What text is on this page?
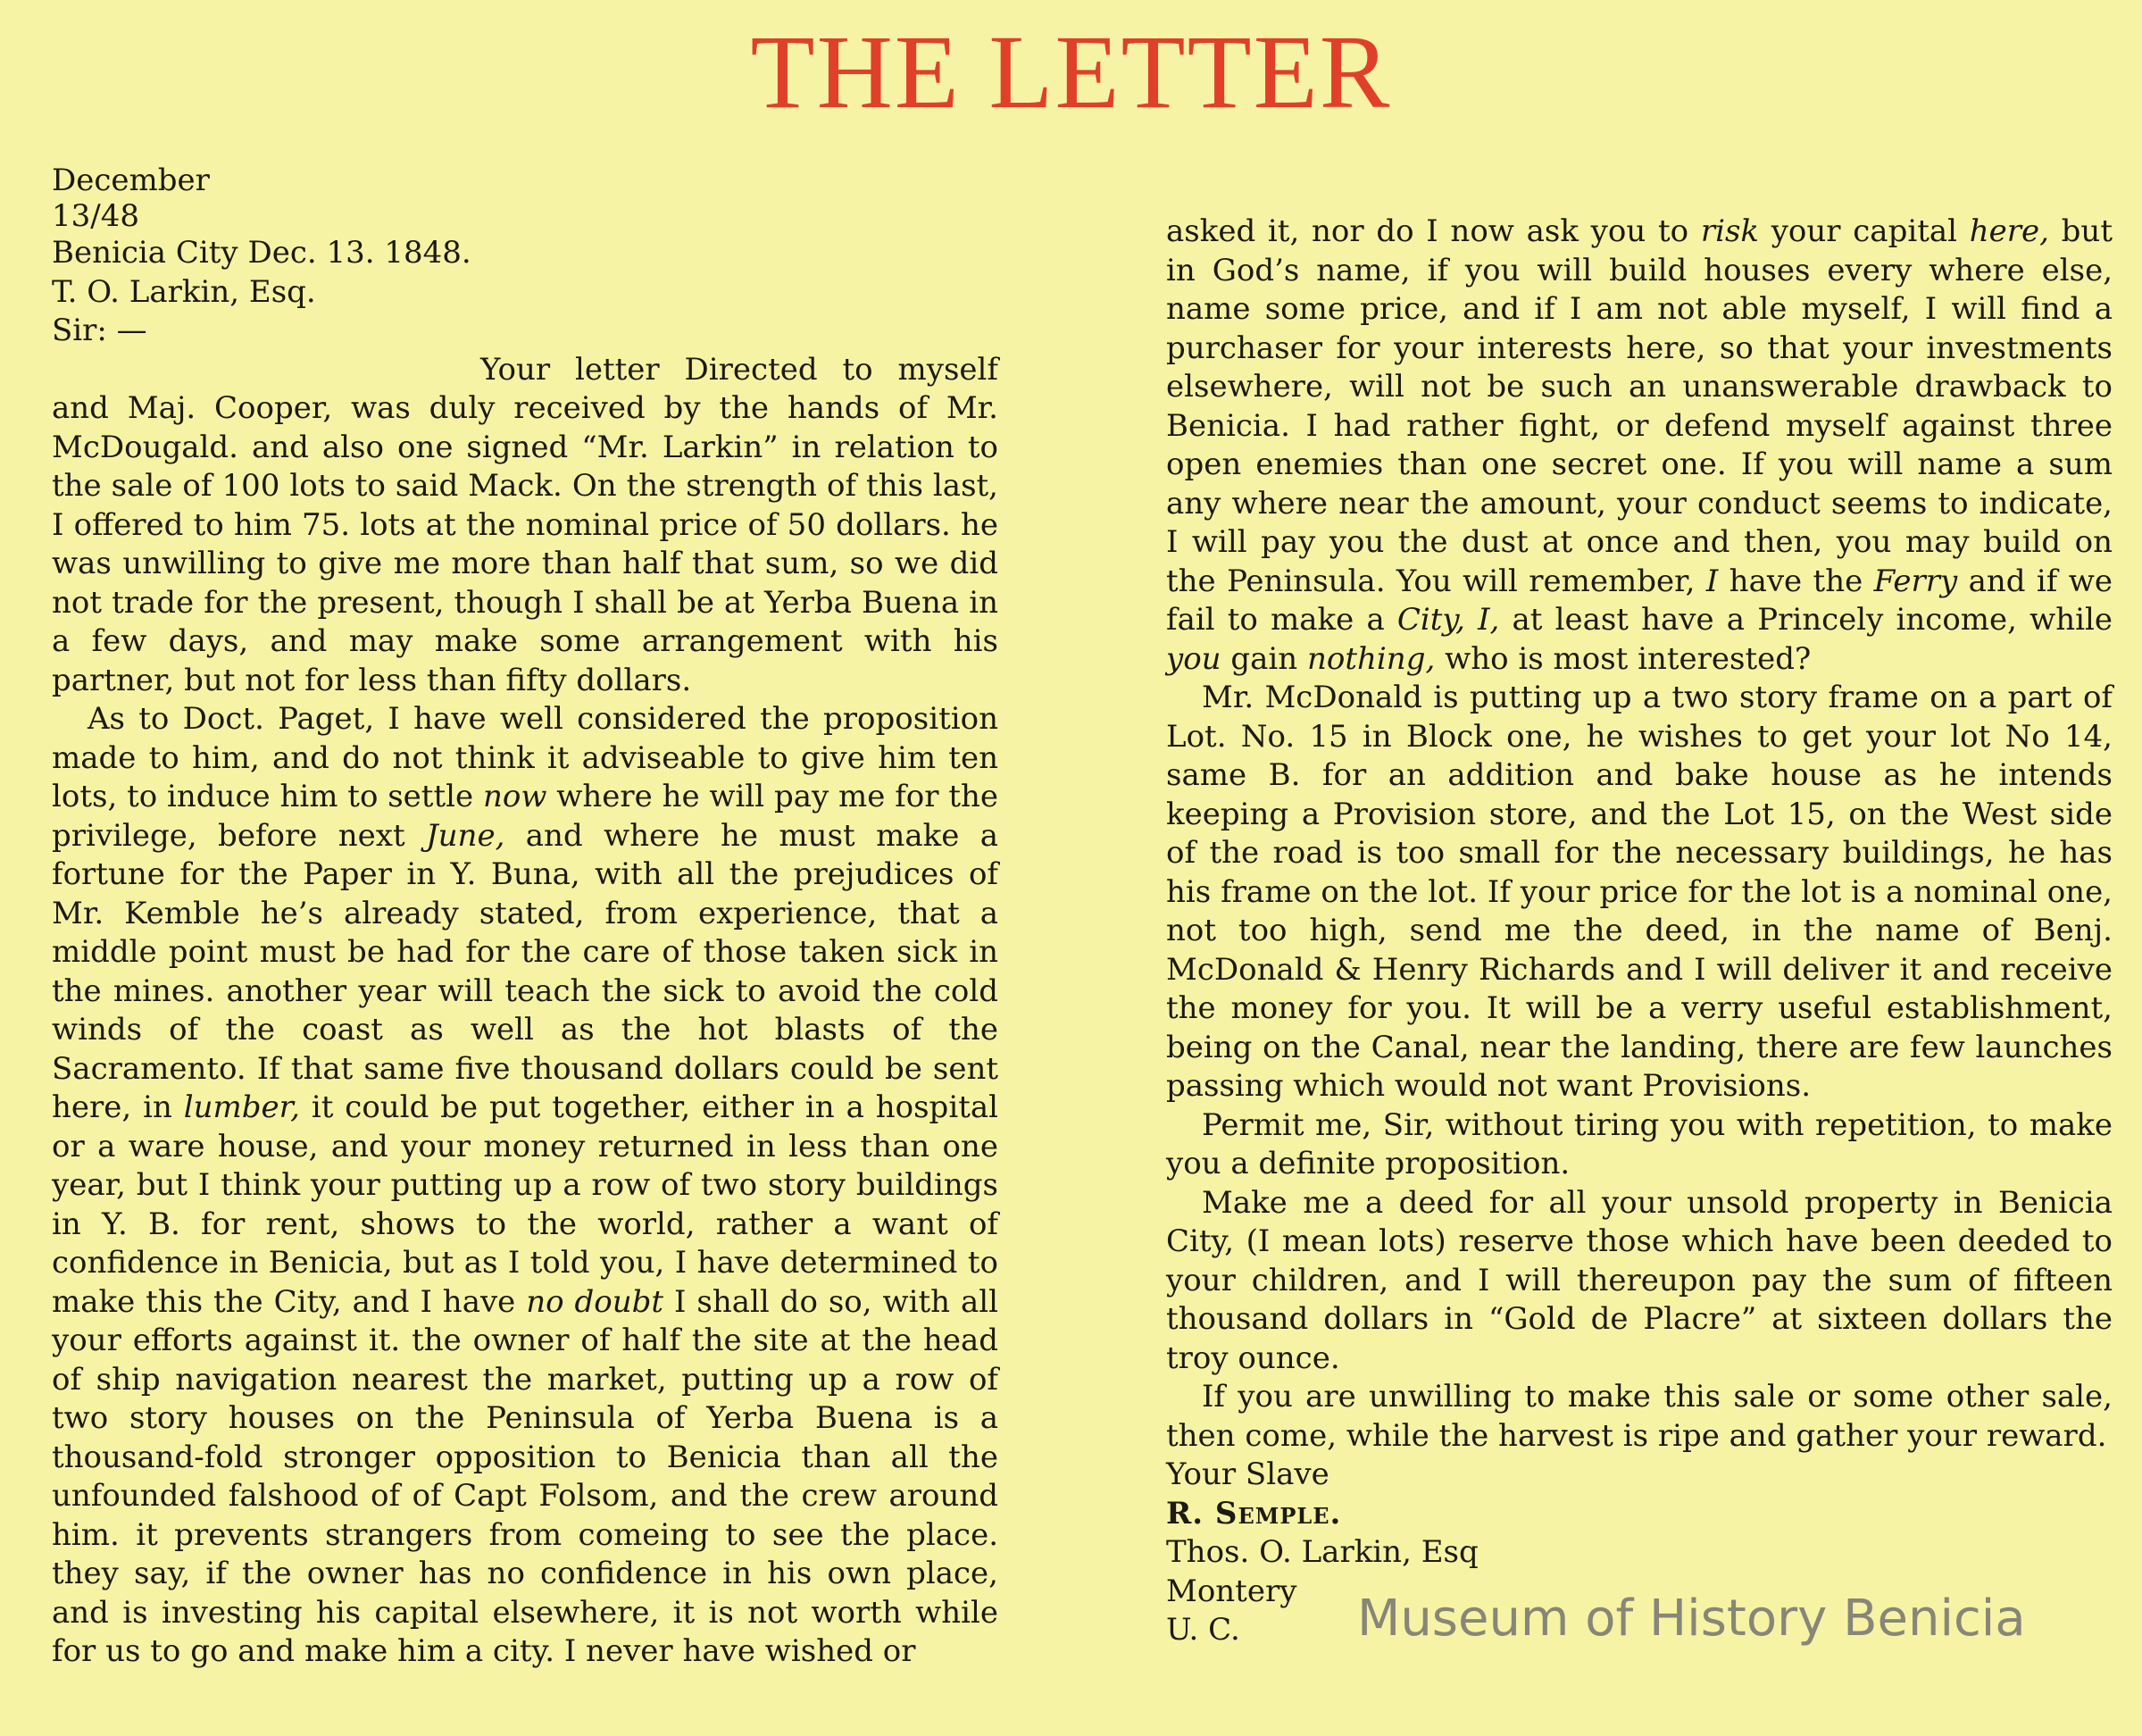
THE LETTER

December

13/48

Benicia City Dec. 13. 1848.

T. O. Larkin, Esq.

Sir: —

Your letter Directed to myself and Maj. Cooper, was duly received by the hands of Mr. McDougald. and also one signed “Mr. Larkin” in relation to the sale of 100 lots to said Mack. On the strength of this last, I offered to him 75. lots at the nominal price of 50 dollars. he was unwilling to give me more than half that sum, so we did not trade for the present, though I shall be at Yerba Buena in a few days, and may make some arrangement with his partner, but not for less than fifty dollars.

As to Doct. Paget, I have well considered the proposition made to him, and do not think it adviseable to give him ten lots, to induce him to settle now where he will pay me for the privilege, before next June, and where he must make a fortune for the Paper in Y. Buna, with all the prejudices of Mr. Kemble he’s already stated, from experience, that a middle point must be had for the care of those taken sick in the mines. another year will teach the sick to avoid the cold winds of the coast as well as the hot blasts of the Sacramento. If that same five thousand dollars could be sent here, in lumber, it could be put together, either in a hospital or a ware house, and your money returned in less than one year, but I think your putting up a row of two story buildings in Y. B. for rent, shows to the world, rather a want of confidence in Benicia, but as I told you, I have determined to make this the City, and I have no doubt I shall do so, with all your efforts against it. the owner of half the site at the head of ship navigation nearest the market, putting up a row of two story houses on the Peninsula of Yerba Buena is a thousand-fold stronger opposition to Benicia than all the unfounded falshood of of Capt Folsom, and the crew around him. it prevents strangers from comeing to see the place. they say, if the owner has no confidence in his own place, and is investing his capital elsewhere, it is not worth while for us to go and make him a city. I never have wished or

asked it, nor do I now ask you to risk your capital here, but in God’s name, if you will build houses every where else, name some price, and if I am not able myself, I will find a purchaser for your interests here, so that your investments elsewhere, will not be such an unanswerable drawback to Benicia. I had rather fight, or defend myself against three open enemies than one secret one. If you will name a sum any where near the amount, your conduct seems to indicate, I will pay you the dust at once and then, you may build on the Peninsula. You will remember, I have the Ferry and if we fail to make a City, I, at least have a Princely income, while you gain nothing, who is most interested?

Mr. McDonald is putting up a two story frame on a part of Lot. No. 15 in Block one, he wishes to get your lot No 14, same B. for an addition and bake house as he intends keeping a Provision store, and the Lot 15, on the West side of the road is too small for the necessary buildings, he has his frame on the lot. If your price for the lot is a nominal one, not too high, send me the deed, in the name of Benj. McDonald & Henry Richards and I will deliver it and receive the money for you. It will be a verry useful establishment, being on the Canal, near the landing, there are few launches passing which would not want Provisions.

Permit me, Sir, without tiring you with repetition, to make you a definite proposition.

Make me a deed for all your unsold property in Benicia City, (I mean lots) reserve those which have been deeded to your children, and I will thereupon pay the sum of fifteen thousand dollars in “Gold de Placre” at sixteen dollars the troy ounce.

If you are unwilling to make this sale or some other sale, then come, while the harvest is ripe and gather your reward.

Your Slave

R. Semple.

Thos. O. Larkin, Esq

Montery

U. C.	Museum of History Benicia
